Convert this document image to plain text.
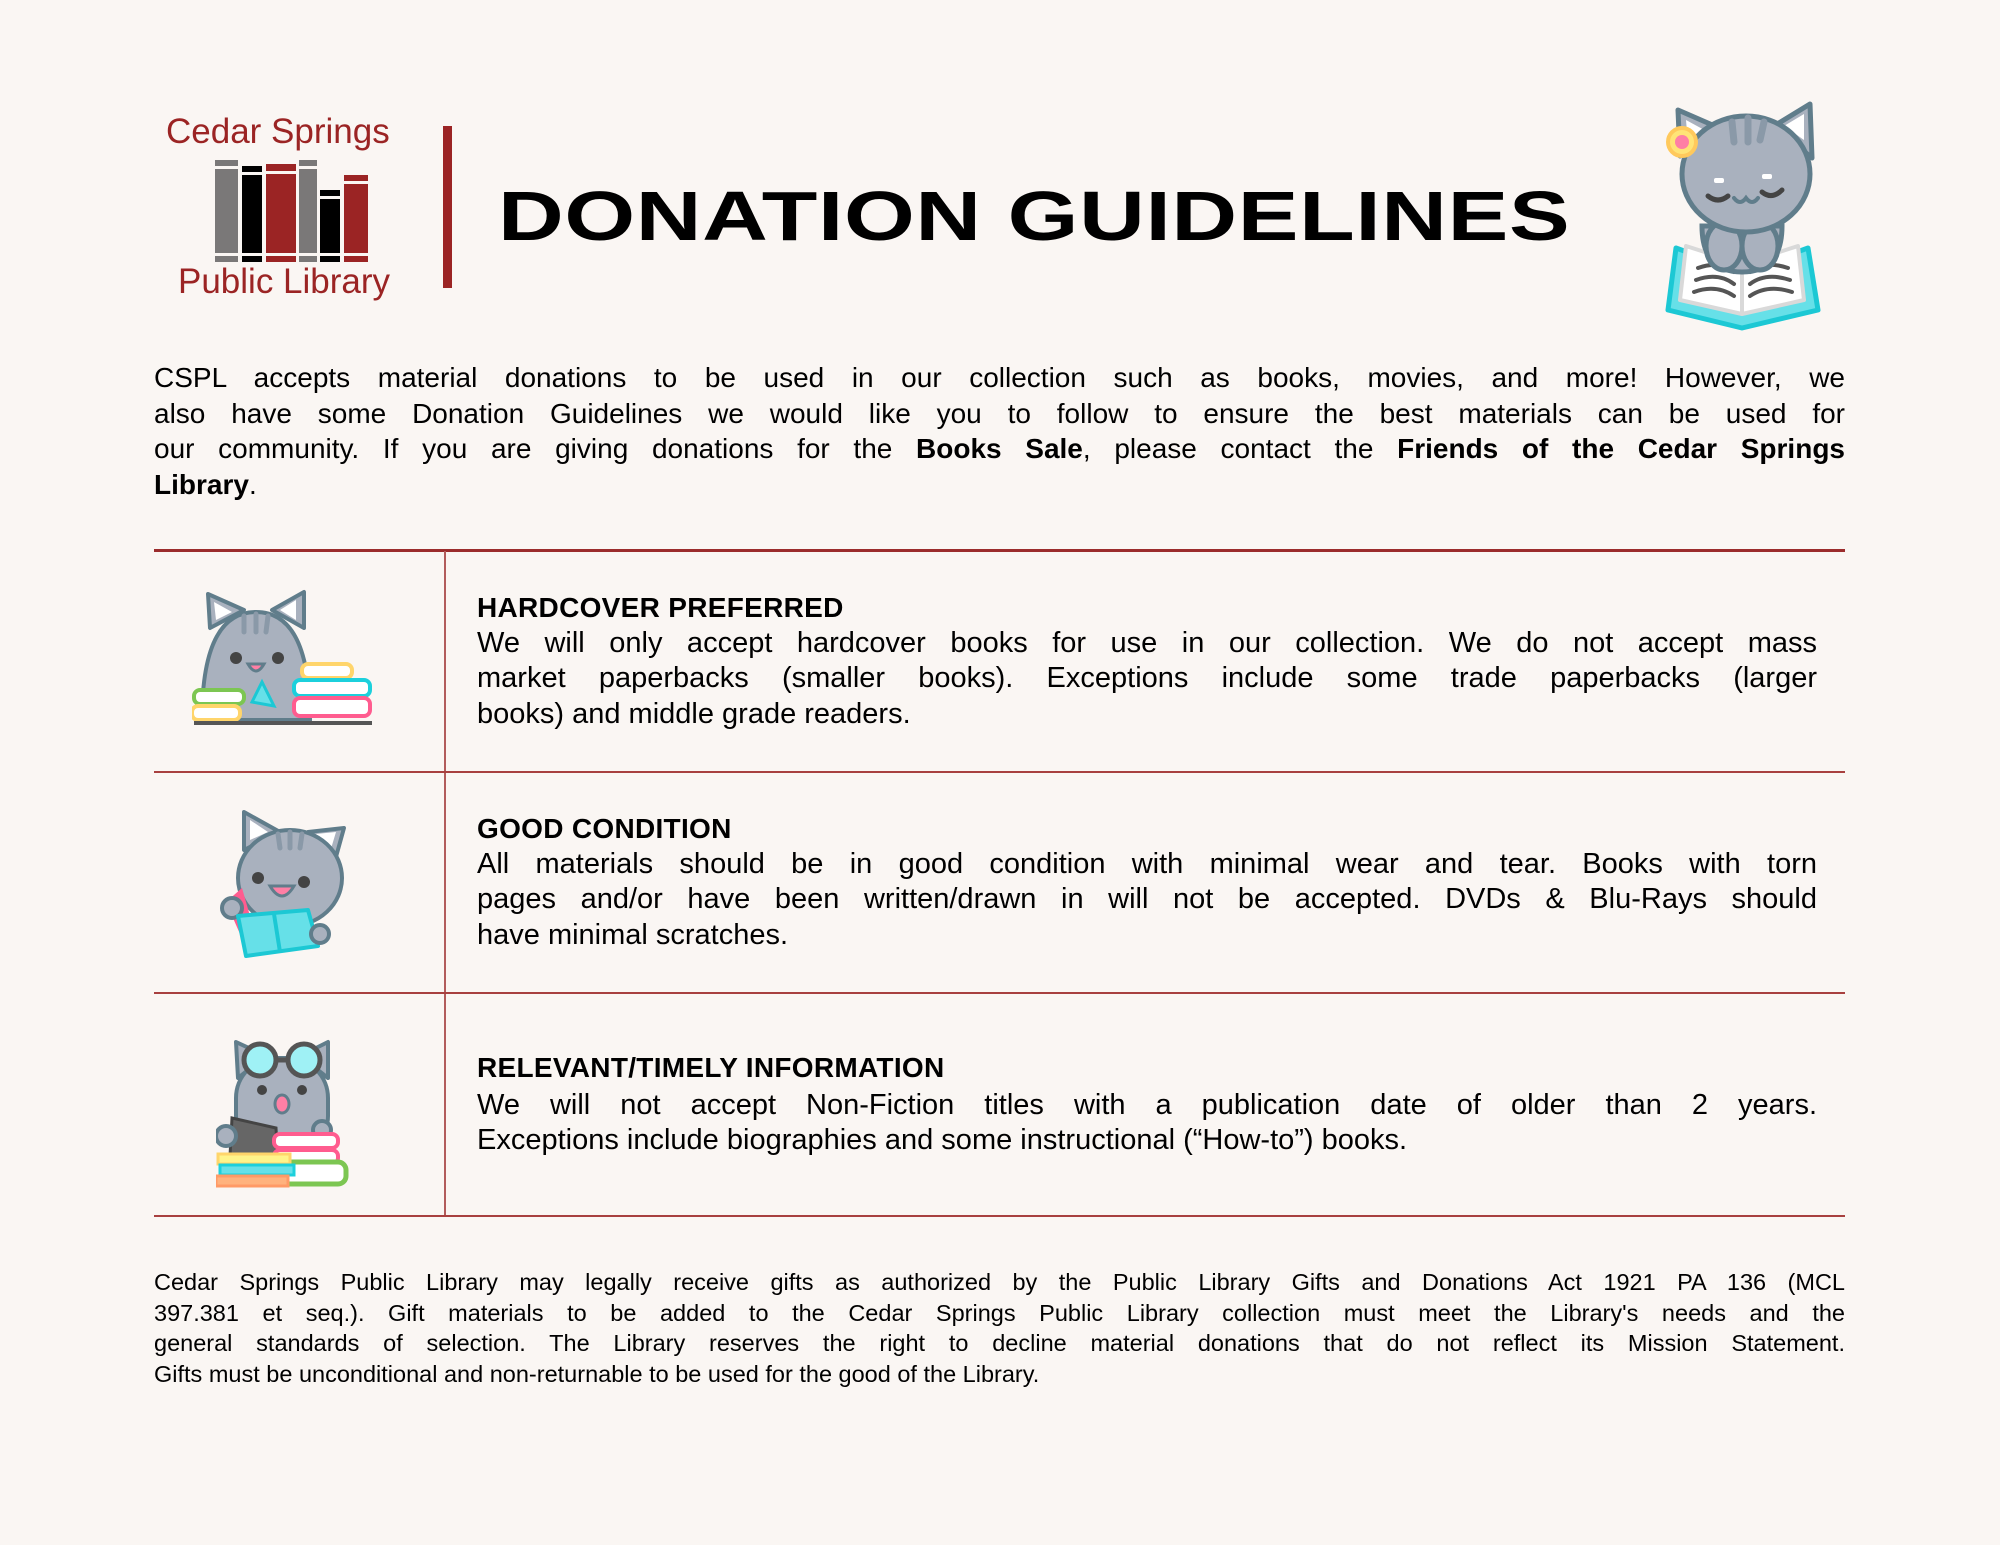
Cedar Springs
Public Library
DONATION GUIDELINES
CSPL accepts material donations to be used in our collection such as books, movies, and more! However, we
also have some Donation Guidelines we would like you to follow to ensure the best materials can be used for
our community. If you are giving donations for the Books Sale, please contact the Friends of the Cedar Springs
Library.
HARDCOVER PREFERRED
We will only accept hardcover books for use in our collection. We do not accept mass
market paperbacks (smaller books). Exceptions include some trade paperbacks (larger
books) and middle grade readers.
GOOD CONDITION
All materials should be in good condition with minimal wear and tear. Books with torn
pages and/or have been written/drawn in will not be accepted. DVDs & Blu-Rays should
have minimal scratches.
RELEVANT/TIMELY INFORMATION
We will not accept Non-Fiction titles with a publication date of older than 2 years.
Exceptions include biographies and some instructional (“How-to”) books.
Cedar Springs Public Library may legally receive gifts as authorized by the Public Library Gifts and Donations Act 1921 PA 136 (MCL
397.381 et seq.). Gift materials to be added to the Cedar Springs Public Library collection must meet the Library's needs and the
general standards of selection. The Library reserves the right to decline material donations that do not reflect its Mission Statement.
Gifts must be unconditional and non-returnable to be used for the good of the Library.
